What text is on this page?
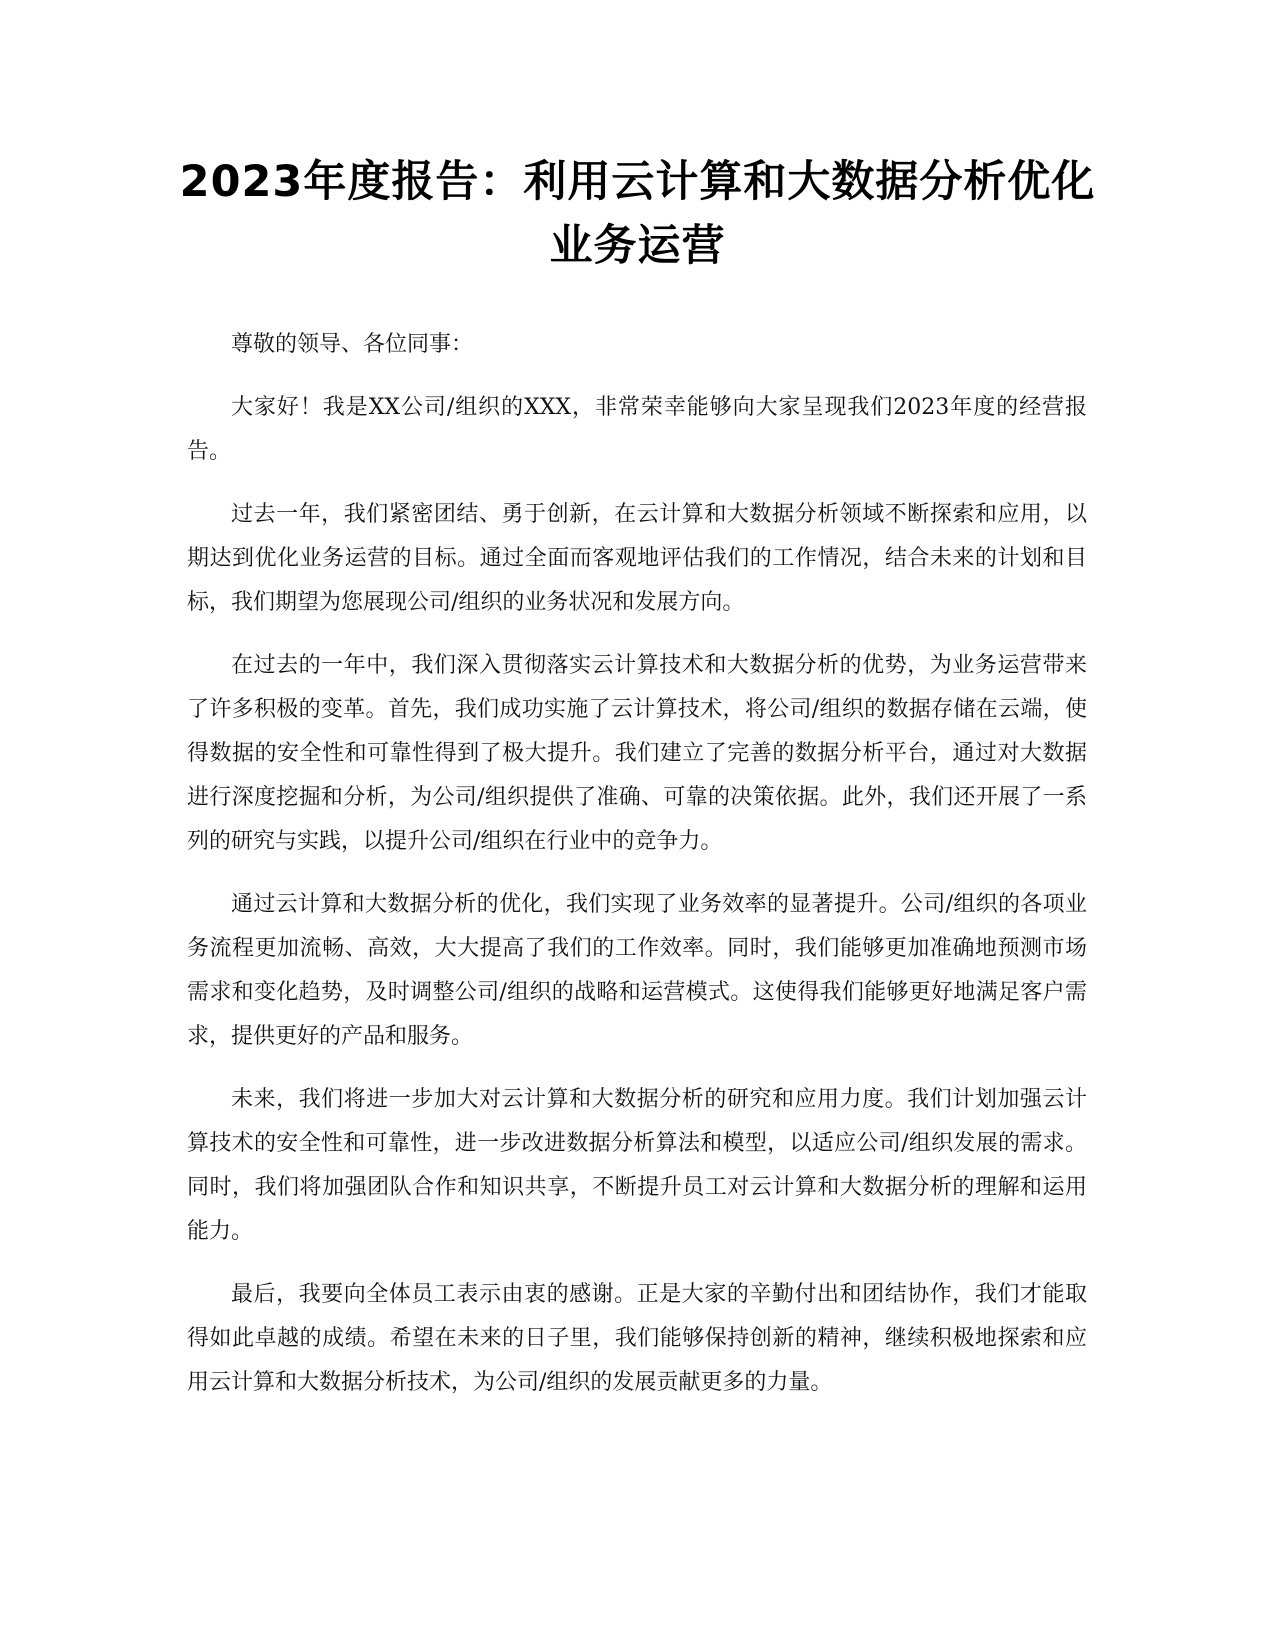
2023年度报告：利用云计算和大数据分析优化业务运营

尊敬的领导、各位同事：

大家好！我是XX公司/组织的XXX，非常荣幸能够向大家呈现我们2023年度的经营报告。

过去一年，我们紧密团结、勇于创新，在云计算和大数据分析领域不断探索和应用，以期达到优化业务运营的目标。通过全面而客观地评估我们的工作情况，结合未来的计划和目标，我们期望为您展现公司/组织的业务状况和发展方向。

在过去的一年中，我们深入贯彻落实云计算技术和大数据分析的优势，为业务运营带来了许多积极的变革。首先，我们成功实施了云计算技术，将公司/组织的数据存储在云端，使得数据的安全性和可靠性得到了极大提升。我们建立了完善的数据分析平台，通过对大数据进行深度挖掘和分析，为公司/组织提供了准确、可靠的决策依据。此外，我们还开展了一系列的研究与实践，以提升公司/组织在行业中的竞争力。

通过云计算和大数据分析的优化，我们实现了业务效率的显著提升。公司/组织的各项业务流程更加流畅、高效，大大提高了我们的工作效率。同时，我们能够更加准确地预测市场需求和变化趋势，及时调整公司/组织的战略和运营模式。这使得我们能够更好地满足客户需求，提供更好的产品和服务。

未来，我们将进一步加大对云计算和大数据分析的研究和应用力度。我们计划加强云计算技术的安全性和可靠性，进一步改进数据分析算法和模型，以适应公司/组织发展的需求。同时，我们将加强团队合作和知识共享，不断提升员工对云计算和大数据分析的理解和运用能力。

最后，我要向全体员工表示由衷的感谢。正是大家的辛勤付出和团结协作，我们才能取得如此卓越的成绩。希望在未来的日子里，我们能够保持创新的精神，继续积极地探索和应用云计算和大数据分析技术，为公司/组织的发展贡献更多的力量。
